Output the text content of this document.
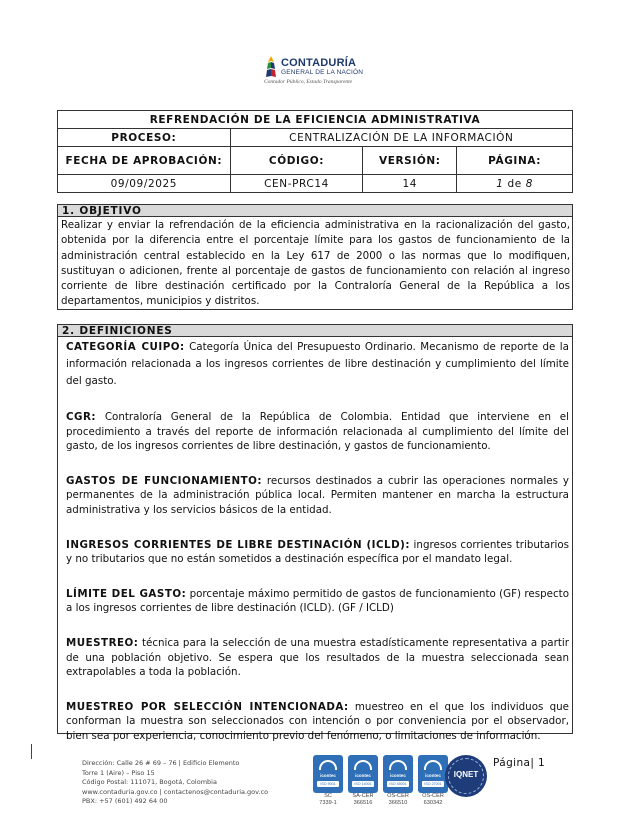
CONTADURÍA
GENERAL DE LA NACIÓN
Contador Público, Estado Transparente
REFRENDACIÓN DE LA EFICIENCIA ADMINISTRATIVA			
PROCESO:	CENTRALIZACIÓN DE LA INFORMACIÓN		
FECHA DE APROBACIÓN:	CÓDIGO:	VERSIÓN:	PÁGINA:
09/09/2025	CEN-PRC14	14	1 de 8
1. OBJETIVO
Realizar y enviar la refrendación de la eficiencia administrativa en la racionalización del gasto, obtenida por la diferencia entre el porcentaje límite para los gastos de funcionamiento de la administración central establecido en la Ley 617 de 2000 o las normas que lo modifiquen, sustituyan o adicionen, frente al porcentaje de gastos de funcionamiento con relación al ingreso corriente de libre destinación certificado por la Contraloría General de la República a los departamentos, municipios y distritos.
2. DEFINICIONES

CATEGORÍA CUIPO: Categoría Única del Presupuesto Ordinario. Mecanismo de reporte de la información relacionada a los ingresos corrientes de libre destinación y cumplimiento del límite del gasto.

CGR: Contraloría General de la República de Colombia. Entidad que interviene en el procedimiento a través del reporte de información relacionada al cumplimiento del límite del gasto, de los ingresos corrientes de libre destinación, y gastos de funcionamiento.

GASTOS DE FUNCIONAMIENTO: recursos destinados a cubrir las operaciones normales y permanentes de la administración pública local. Permiten mantener en marcha la estructura administrativa y los servicios básicos de la entidad.

INGRESOS CORRIENTES DE LIBRE DESTINACIÓN (ICLD): ingresos corrientes tributarios y no tributarios que no están sometidos a destinación específica por el mandato legal.

LÍMITE DEL GASTO: porcentaje máximo permitido de gastos de funcionamiento (GF) respecto a los ingresos corrientes de libre destinación (ICLD). (GF / ICLD)

MUESTREO: técnica para la selección de una muestra estadísticamente representativa a partir de una población objetivo. Se espera que los resultados de la muestra seleccionada sean extrapolables a toda la población.

MUESTREO POR SELECCIÓN INTENCIONADA: muestreo en el que los individuos que conforman la muestra son seleccionados con intención o por conveniencia por el observador, bien sea por experiencia, conocimiento previo del fenómeno, o limitaciones de información.

Dirección: Calle 26 # 69 – 76 | Edificio Elemento
Torre 1 (Aire) – Piso 15
Código Postal: 111071, Bogotá, Colombia
www.contaduria.gov.co | contactenos@contaduria.gov.co
PBX: +57 (601) 492 64 00
icontec
ISO 9001
SC
7339-1
icontec
ISO 14001
SA-CER
366516
icontec
ISO 45001
OS-CER
366510
icontec
ISO 27001
OS-CER
630342
IQNET
Página| 1
